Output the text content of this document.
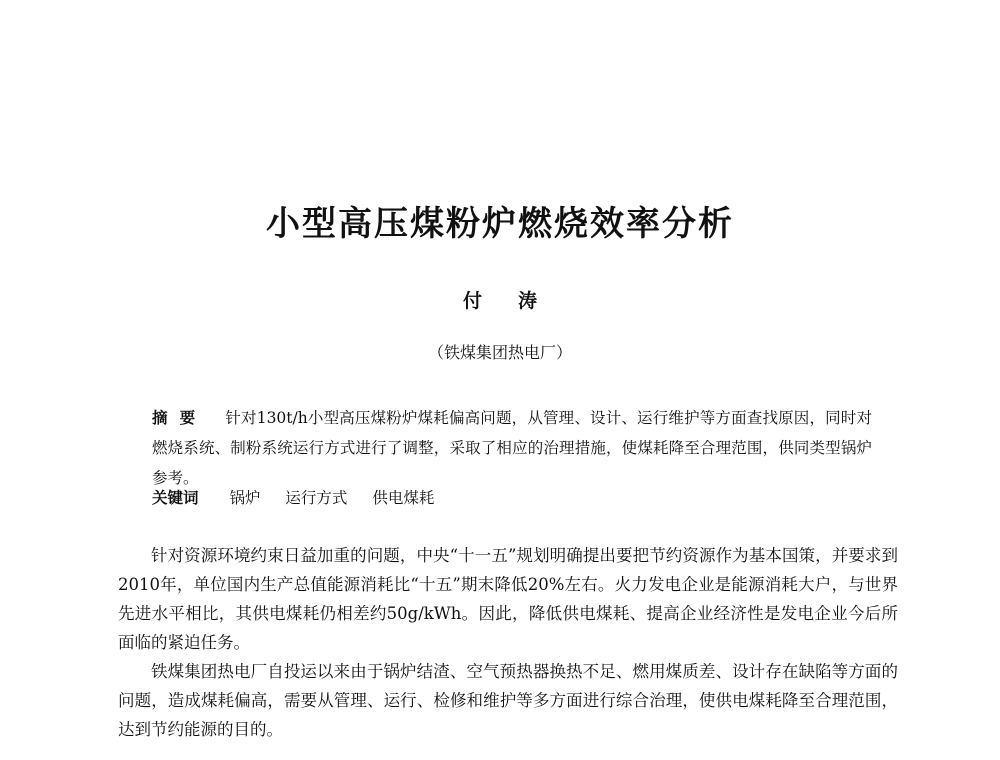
小型高压煤粉炉燃烧效率分析
付涛
（铁煤集团热电厂）
摘要 针对130t/h小型高压煤粉炉煤耗偏高问题，从管理、设计、运行维护等方面查找原因，同时对燃烧系统、制粉系统运行方式进行了调整，采取了相应的治理措施，使煤耗降至合理范围，供同类型锅炉参考。
关键词 锅炉 运行方式 供电煤耗

针对资源环境约束日益加重的问题，中央“十一五”规划明确提出要把节约资源作为基本国策，并要求到2010年，单位国内生产总值能源消耗比“十五”期末降低20%左右。火力发电企业是能源消耗大户，与世界先进水平相比，其供电煤耗仍相差约50g/kWh。因此，降低供电煤耗、提高企业经济性是发电企业今后所面临的紧迫任务。

铁煤集团热电厂自投运以来由于锅炉结渣、空气预热器换热不足、燃用煤质差、设计存在缺陷等方面的问题，造成煤耗偏高，需要从管理、运行、检修和维护等多方面进行综合治理，使供电煤耗降至合理范围，达到节约能源的目的。
